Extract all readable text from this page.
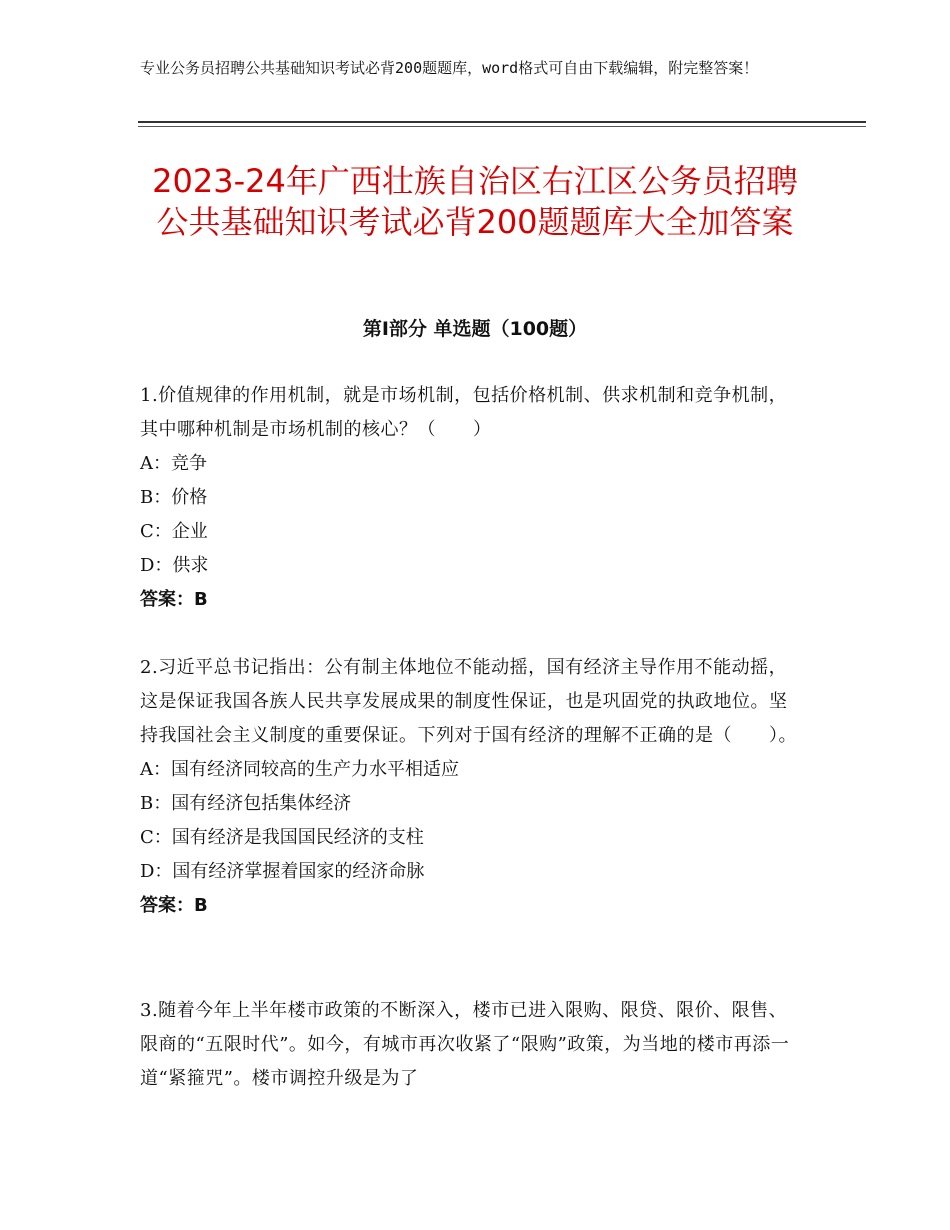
专业公务员招聘公共基础知识考试必背200题题库，word格式可自由下载编辑，附完整答案！
2023-24年广西壮族自治区右江区公务员招聘公共基础知识考试必背200题题库大全加答案
第Ⅰ部分 单选题（100题）
1.价值规律的作用机制，就是市场机制，包括价格机制、供求机制和竞争机制，其中哪种机制是市场机制的核心？（　　）
A：竞争
B：价格
C：企业
D：供求
答案：B
2.习近平总书记指出：公有制主体地位不能动摇，国有经济主导作用不能动摇，这是保证我国各族人民共享发展成果的制度性保证，也是巩固党的执政地位。坚持我国社会主义制度的重要保证。下列对于国有经济的理解不正确的是（　　）。
A：国有经济同较高的生产力水平相适应
B：国有经济包括集体经济
C：国有经济是我国国民经济的支柱
D：国有经济掌握着国家的经济命脉
答案：B
3.随着今年上半年楼市政策的不断深入，楼市已进入限购、限贷、限价、限售、限商的“五限时代”。如今，有城市再次收紧了“限购”政策，为当地的楼市再添一道“紧箍咒”。楼市调控升级是为了
